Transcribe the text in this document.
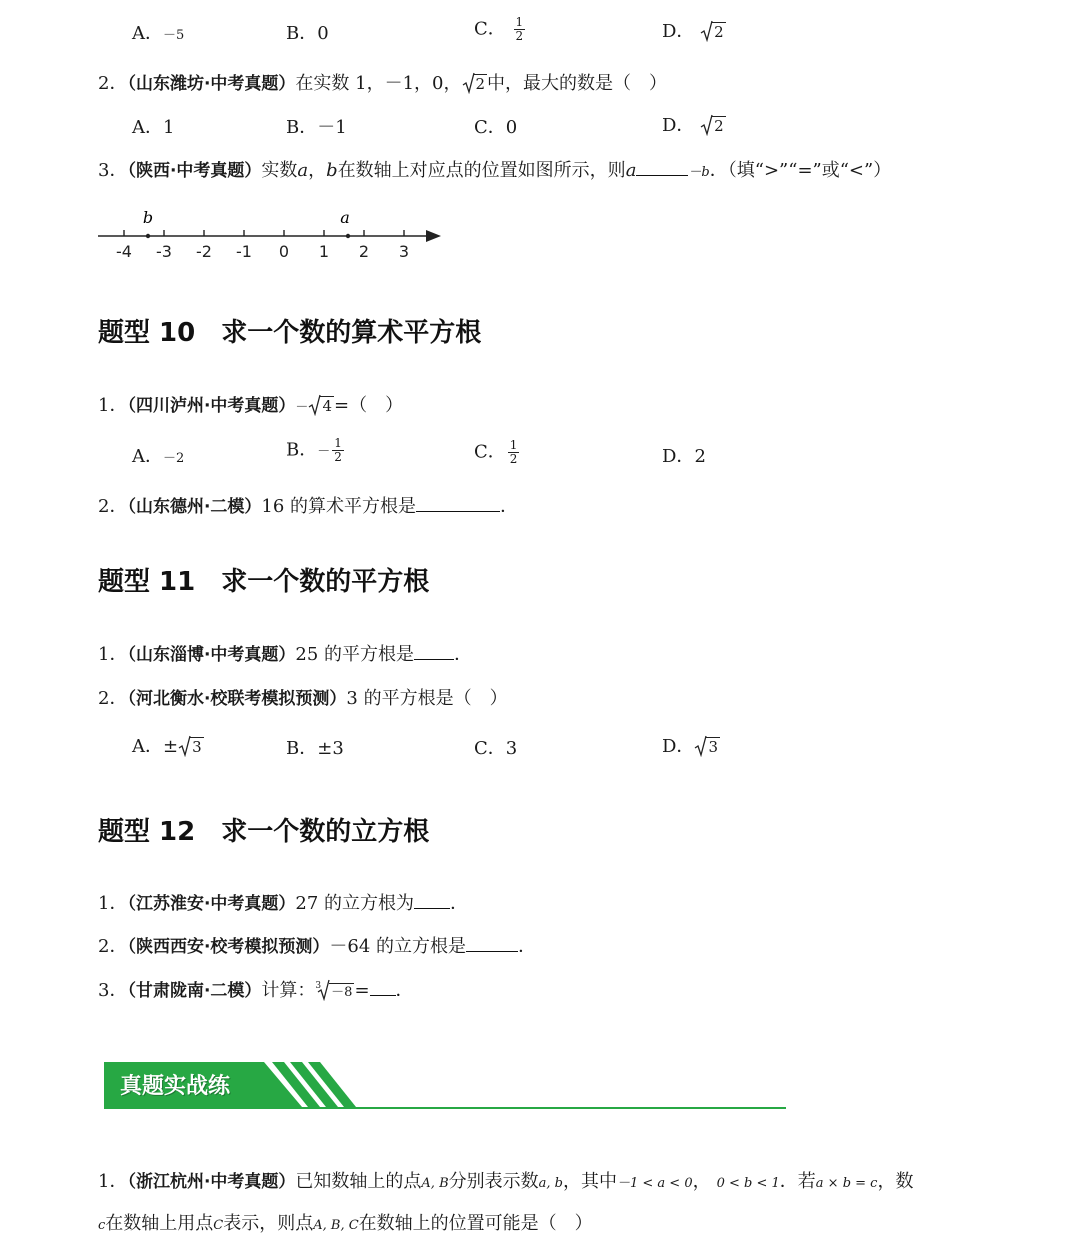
A．－5	B．0	C． $\frac{1}{2}$	D． 2
2．（山东潍坊·中考真题）在实数 1，－1，0， 2 中，最大的数是（　）
A．1	B．－1	C．0	D． 2
3．（陕西·中考真题）实数a，b在数轴上对应点的位置如图所示，则a	－b．（填“>”“=”或“<”）
-4 -3 -2 -1 0 1 2 3
b	a
题型 10　求一个数的算术平方根
1．（四川泸州·中考真题）－ 4 =（　）
A．－2	B．－ $\frac{1}{2}$	C． $\frac{1}{2}$	D．2
2．（山东德州·二模）16 的算术平方根是	．
题型 11　求一个数的平方根
1．（山东淄博·中考真题）25 的平方根是 ．
2．（河北衡水·校联考模拟预测）3 的平方根是（　）
A．± 3	B．±3	C．3	D． 3
题型 12　求一个数的立方根
1．（江苏淮安·中考真题）27 的立方根为 ．
2．（陕西西安·校考模拟预测）－64 的立方根是	．
3．（甘肃陇南·二模）计算：$^3$ －8 = ．
真题实战练
1．（浙江杭州·中考真题）已知数轴上的点A, B分别表示数a, b，其中－1 < a < 0， 0 < b < 1．若a × b = c，数
c在数轴上用点C表示，则点A, B, C在数轴上的位置可能是（　）
